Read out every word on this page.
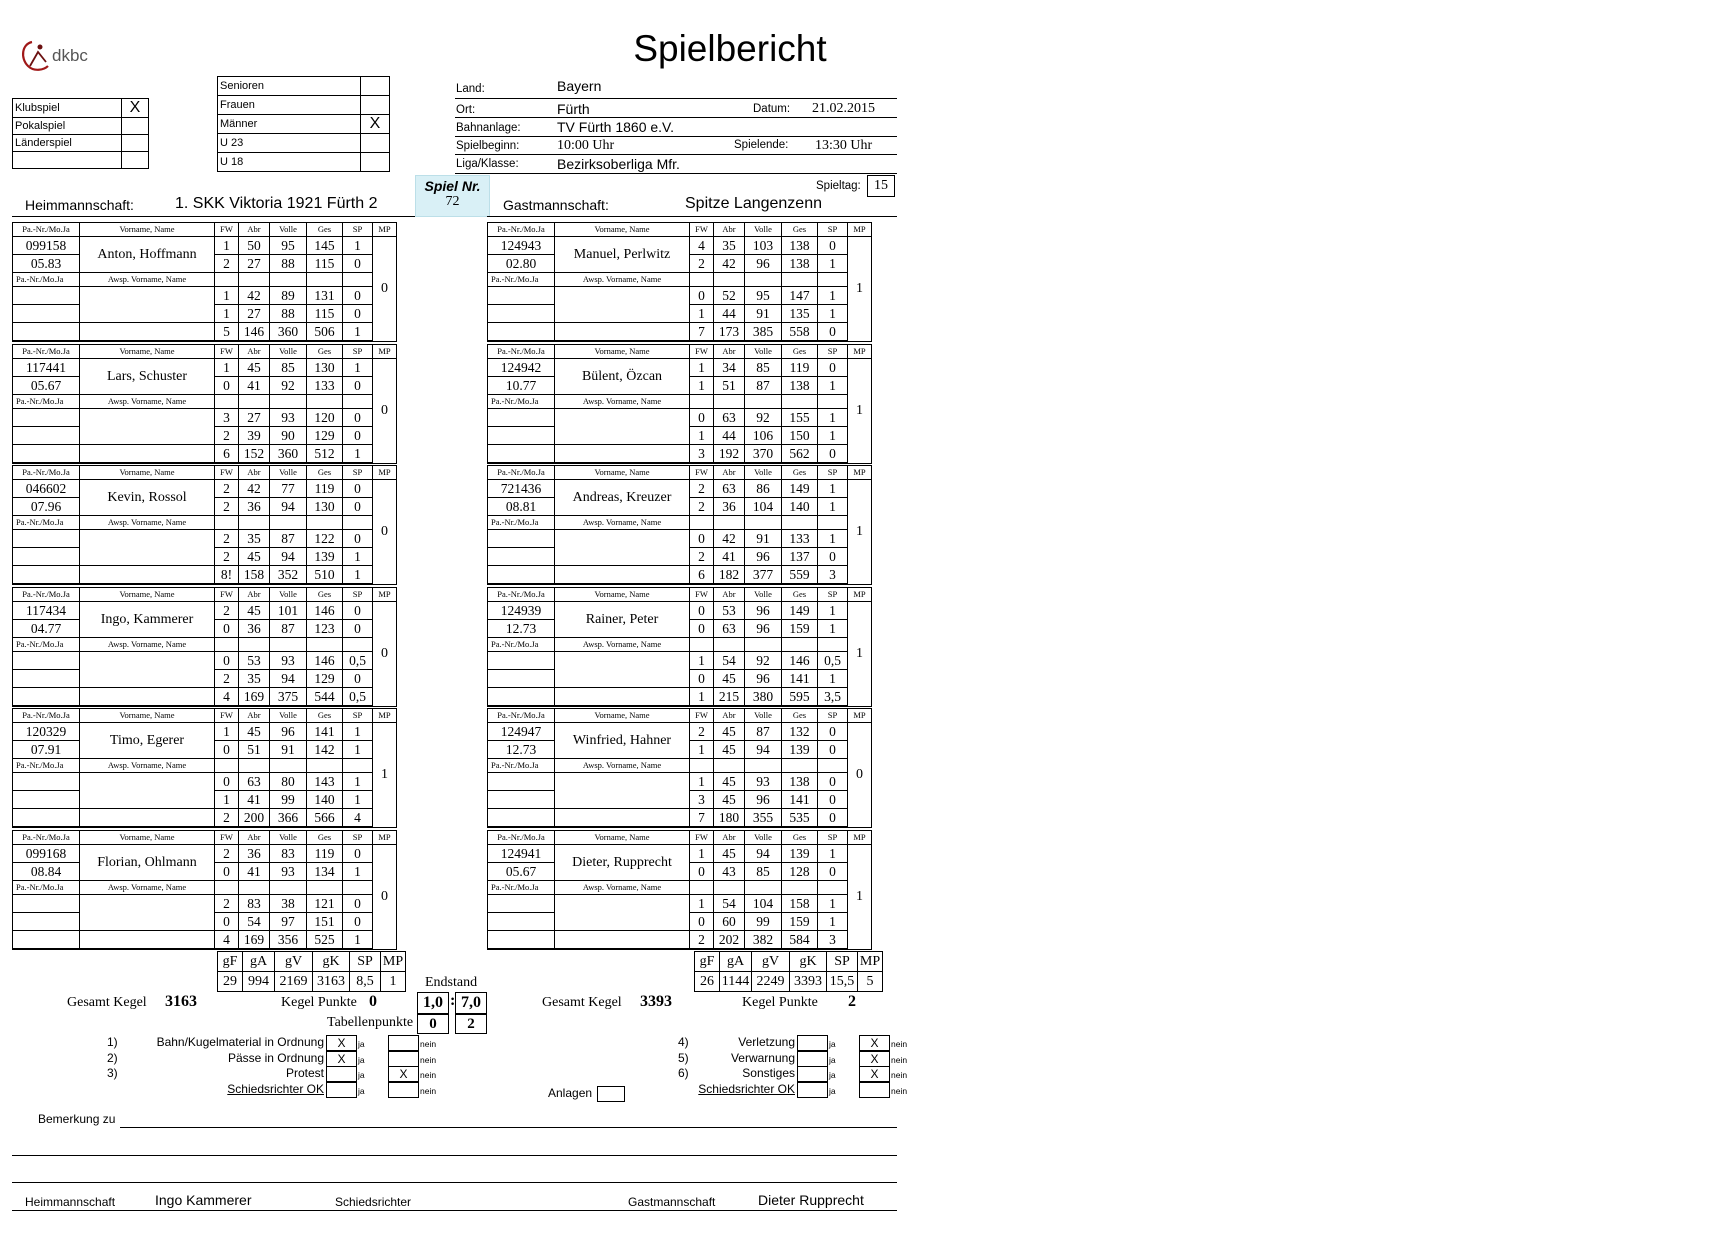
dkbc	Spielbericht
Klubspiel	X
Pokalspiel	
Länderspiel	

Senioren	
Frauen	
Männer	X
U 23	
U 18	
Land:	Bayern
Ort:	Fürth	Datum: 21.02.2015
Bahnanlage:	TV Fürth 1860 e.V.
Spielbeginn:	10:00 Uhr	Spielende: 13:30 Uhr
Liga/Klasse:	Bezirksoberliga Mfr.
Spieltag: 15
Spiel Nr.
72
Heimmannschaft:	1. SKK Viktoria 1921 Fürth 2	Gastmannschaft:	Spitze Langenzenn
Pa.-Nr./Mo.Ja	Vorname, Name	FW	Abr	Volle	Ges	SP	MP
099158	Anton, Hoffmann	1	50	95	145	1	0
05.83		2	27	88	115	0	
Pa.-Nr./Mo.Ja	Awsp. Vorname, Name						
		1	42	89	131	0	
		1	27	88	115	0	
		5	146	360	506	1	
Pa.-Nr./Mo.Ja	Vorname, Name	FW	Abr	Volle	Ges	SP	MP
124943	Manuel, Perlwitz	4	35	103	138	0	1
02.80		2	42	96	138	1	
Pa.-Nr./Mo.Ja	Awsp. Vorname, Name						
		0	52	95	147	1	
		1	44	91	135	1	
		7	173	385	558	0	
Pa.-Nr./Mo.Ja	Vorname, Name	FW	Abr	Volle	Ges	SP	MP
117441	Lars, Schuster	1	45	85	130	1	0
05.67		0	41	92	133	0	
Pa.-Nr./Mo.Ja	Awsp. Vorname, Name						
		3	27	93	120	0	
		2	39	90	129	0	
		6	152	360	512	1	
Pa.-Nr./Mo.Ja	Vorname, Name	FW	Abr	Volle	Ges	SP	MP
124942	Bülent, Özcan	1	34	85	119	0	1
10.77		1	51	87	138	1	
Pa.-Nr./Mo.Ja	Awsp. Vorname, Name						
		0	63	92	155	1	
		1	44	106	150	1	
		3	192	370	562	0	
Pa.-Nr./Mo.Ja	Vorname, Name	FW	Abr	Volle	Ges	SP	MP
046602	Kevin, Rossol	2	42	77	119	0	0
07.96		2	36	94	130	0	
Pa.-Nr./Mo.Ja	Awsp. Vorname, Name						
		2	35	87	122	0	
		2	45	94	139	1	
		8!	158	352	510	1	
Pa.-Nr./Mo.Ja	Vorname, Name	FW	Abr	Volle	Ges	SP	MP
721436	Andreas, Kreuzer	2	63	86	149	1	1
08.81		2	36	104	140	1	
Pa.-Nr./Mo.Ja	Awsp. Vorname, Name						
		0	42	91	133	1	
		2	41	96	137	0	
		6	182	377	559	3	
Pa.-Nr./Mo.Ja	Vorname, Name	FW	Abr	Volle	Ges	SP	MP
117434	Ingo, Kammerer	2	45	101	146	0	0
04.77		0	36	87	123	0	
Pa.-Nr./Mo.Ja	Awsp. Vorname, Name						
		0	53	93	146	0,5	
		2	35	94	129	0	
		4	169	375	544	0,5	
Pa.-Nr./Mo.Ja	Vorname, Name	FW	Abr	Volle	Ges	SP	MP
124939	Rainer, Peter	0	53	96	149	1	1
12.73		0	63	96	159	1	
Pa.-Nr./Mo.Ja	Awsp. Vorname, Name						
		1	54	92	146	0,5	
		0	45	96	141	1	
		1	215	380	595	3,5	
Pa.-Nr./Mo.Ja	Vorname, Name	FW	Abr	Volle	Ges	SP	MP
120329	Timo, Egerer	1	45	96	141	1	1
07.91		0	51	91	142	1	
Pa.-Nr./Mo.Ja	Awsp. Vorname, Name						
		0	63	80	143	1	
		1	41	99	140	1	
		2	200	366	566	4	
Pa.-Nr./Mo.Ja	Vorname, Name	FW	Abr	Volle	Ges	SP	MP
124947	Winfried, Hahner	2	45	87	132	0	0
12.73		1	45	94	139	0	
Pa.-Nr./Mo.Ja	Awsp. Vorname, Name						
		1	45	93	138	0	
		3	45	96	141	0	
		7	180	355	535	0	
Pa.-Nr./Mo.Ja	Vorname, Name	FW	Abr	Volle	Ges	SP	MP
099168	Florian, Ohlmann	2	36	83	119	0	0
08.84		0	41	93	134	1	
Pa.-Nr./Mo.Ja	Awsp. Vorname, Name						
		2	83	38	121	0	
		0	54	97	151	0	
		4	169	356	525	1	
Pa.-Nr./Mo.Ja	Vorname, Name	FW	Abr	Volle	Ges	SP	MP
124941	Dieter, Rupprecht	1	45	94	139	1	1
05.67		0	43	85	128	0	
Pa.-Nr./Mo.Ja	Awsp. Vorname, Name						
		1	54	104	158	1	
		0	60	99	159	1	
		2	202	382	584	3	
gF	gA	gV	gK	SP	MP
29	994	2169	3163	8,5	1
gF	gA	gV	gK	SP	MP
26	1144	2249	3393	15,5	5
Endstand
Gesamt Kegel 3163	Kegel Punkte 0	1,0 : 7,0
Tabellenpunkte	0	2
Gesamt Kegel 3393	Kegel Punkte 2
1)	Bahn/Kugelmaterial in Ordnung	X	ja	nein
2)	Pässe in Ordnung	X	ja	nein
3)	Protest	ja	X	nein
Schiedsrichter OK	ja	nein
4)	Verletzung	ja	X	nein
5)	Verwarnung	ja	X	nein
6)	Sonstiges	ja	X	nein
Schiedsrichter OK	ja	nein
Anlagen
Bemerkung zu
Heimmannschaft	Ingo Kammerer	Schiedsrichter	Gastmannschaft	Dieter Rupprecht
